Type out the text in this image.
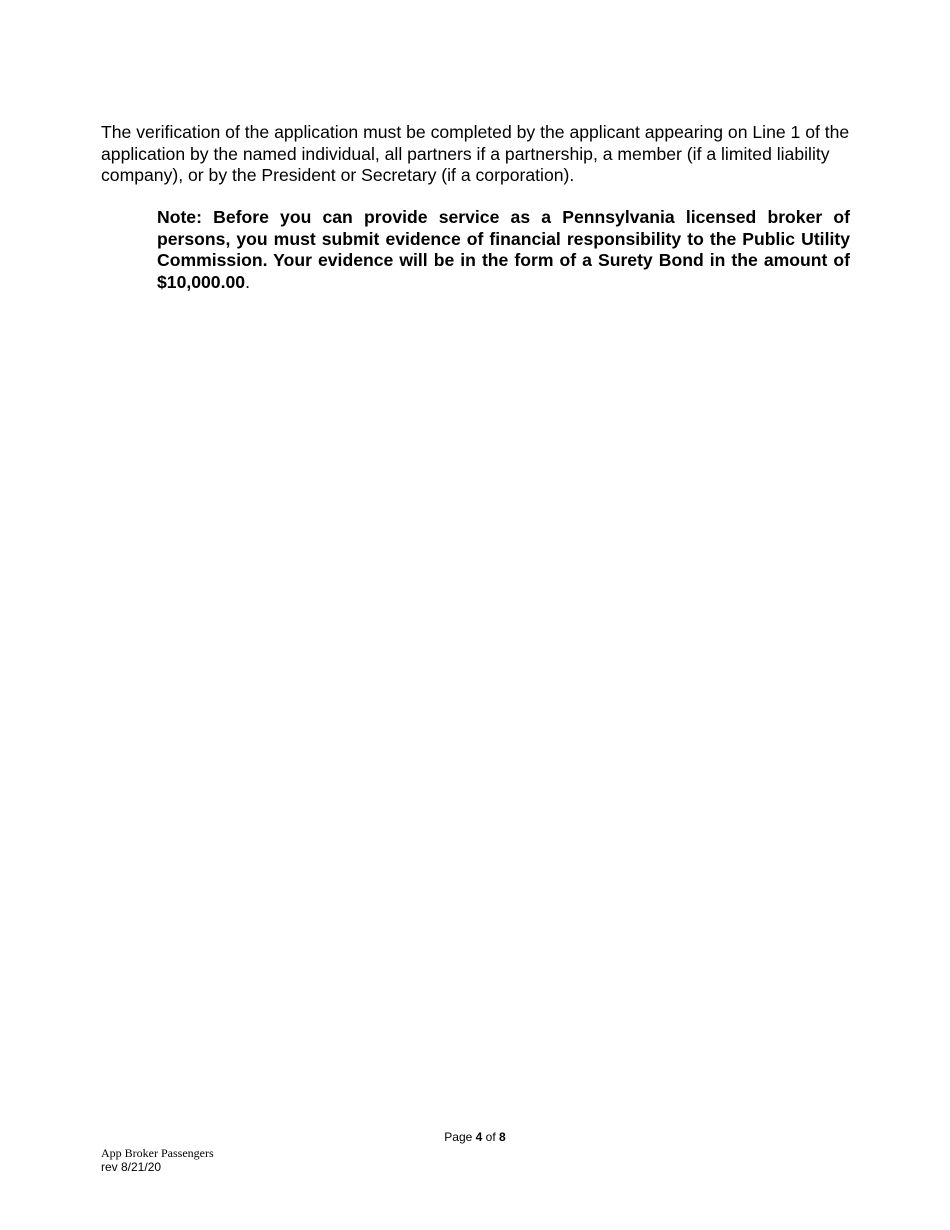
The verification of the application must be completed by the applicant appearing on Line 1 of the application by the named individual, all partners if a partnership, a member (if a limited liability company), or by the President or Secretary (if a corporation).

Note: Before you can provide service as a Pennsylvania licensed broker of persons, you must submit evidence of financial responsibility to the Public Utility Commission. Your evidence will be in the form of a Surety Bond in the amount of $10,000.00.

Page 4 of 8
App Broker Passengers
rev 8/21/20
